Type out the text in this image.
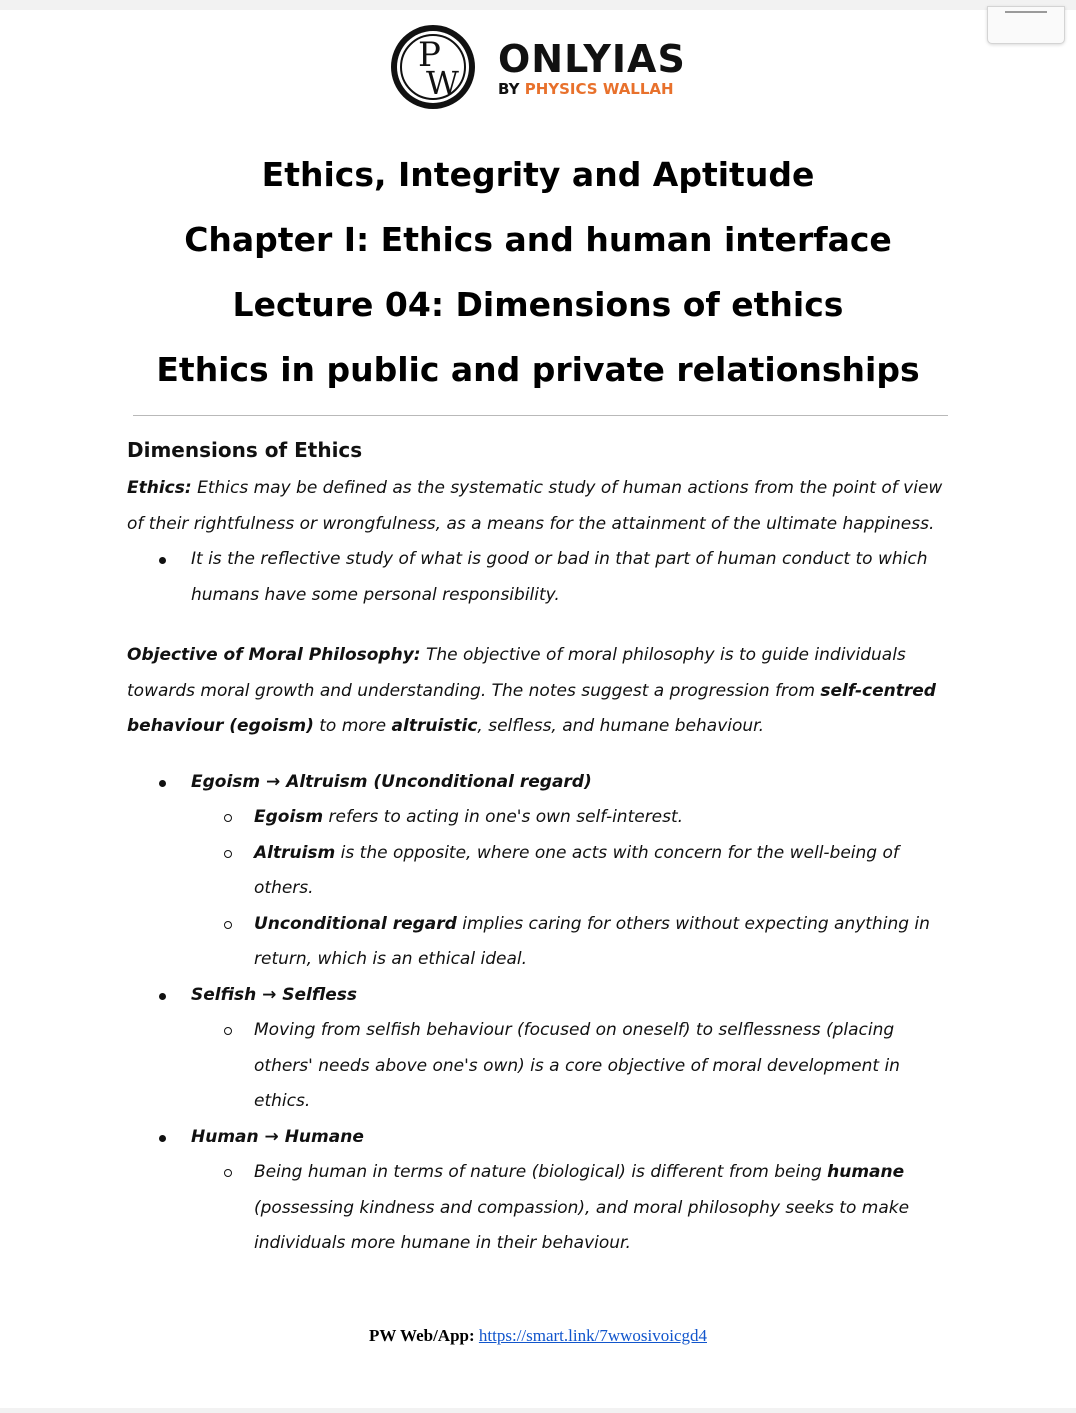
P
W
ONLYIAS
BY PHYSICS WALLAH
Ethics, Integrity and Aptitude
Chapter I: Ethics and human interface
Lecture 04: Dimensions of ethics
Ethics in public and private relationships
Dimensions of Ethics

Ethics: Ethics may be defined as the systematic study of human actions from the point of view of their rightfulness or wrongfulness, as a means for the attainment of the ultimate happiness.

It is the reflective study of what is good or bad in that part of human conduct to which humans have some personal responsibility.

Objective of Moral Philosophy: The objective of moral philosophy is to guide individuals towards moral growth and understanding. The notes suggest a progression from self-centred behaviour (egoism) to more altruistic, selfless, and humane behaviour.

Egoism → Altruism (Unconditional regard)
Egoism refers to acting in one's own self-interest.
Altruism is the opposite, where one acts with concern for the well-being of others.
Unconditional regard implies caring for others without expecting anything in return, which is an ethical ideal.
Selfish → Selfless
Moving from selfish behaviour (focused on oneself) to selflessness (placing others' needs above one's own) is a core objective of moral development in ethics.
Human → Humane
Being human in terms of nature (biological) is different from being humane (possessing kindness and compassion), and moral philosophy seeks to make individuals more humane in their behaviour.
PW Web/App: https://smart.link/7wwosivoicgd4
